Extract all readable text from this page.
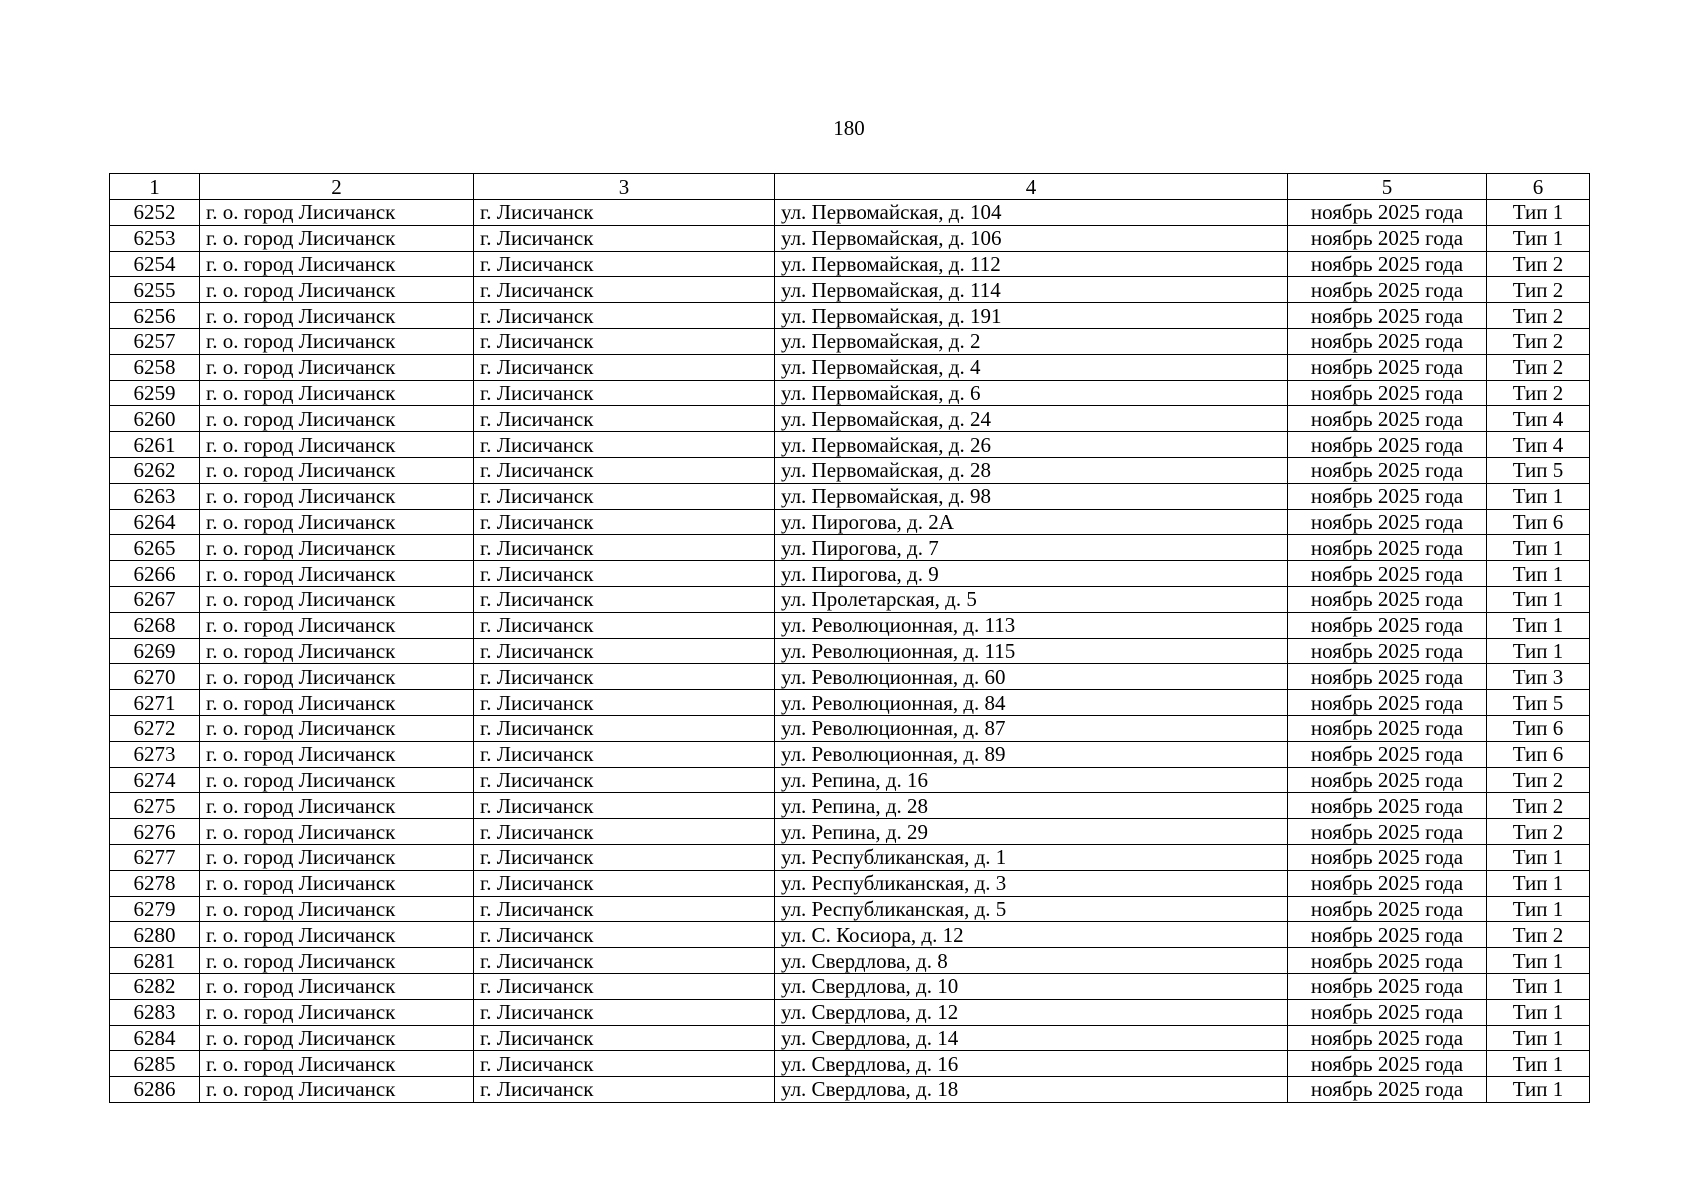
180
1	2	3	4	5	6
6252	г. о. город Лисичанск	г. Лисичанск	ул. Первомайская, д. 104	ноябрь 2025 года	Тип 1
6253	г. о. город Лисичанск	г. Лисичанск	ул. Первомайская, д. 106	ноябрь 2025 года	Тип 1
6254	г. о. город Лисичанск	г. Лисичанск	ул. Первомайская, д. 112	ноябрь 2025 года	Тип 2
6255	г. о. город Лисичанск	г. Лисичанск	ул. Первомайская, д. 114	ноябрь 2025 года	Тип 2
6256	г. о. город Лисичанск	г. Лисичанск	ул. Первомайская, д. 191	ноябрь 2025 года	Тип 2
6257	г. о. город Лисичанск	г. Лисичанск	ул. Первомайская, д. 2	ноябрь 2025 года	Тип 2
6258	г. о. город Лисичанск	г. Лисичанск	ул. Первомайская, д. 4	ноябрь 2025 года	Тип 2
6259	г. о. город Лисичанск	г. Лисичанск	ул. Первомайская, д. 6	ноябрь 2025 года	Тип 2
6260	г. о. город Лисичанск	г. Лисичанск	ул. Первомайская, д. 24	ноябрь 2025 года	Тип 4
6261	г. о. город Лисичанск	г. Лисичанск	ул. Первомайская, д. 26	ноябрь 2025 года	Тип 4
6262	г. о. город Лисичанск	г. Лисичанск	ул. Первомайская, д. 28	ноябрь 2025 года	Тип 5
6263	г. о. город Лисичанск	г. Лисичанск	ул. Первомайская, д. 98	ноябрь 2025 года	Тип 1
6264	г. о. город Лисичанск	г. Лисичанск	ул. Пирогова, д. 2А	ноябрь 2025 года	Тип 6
6265	г. о. город Лисичанск	г. Лисичанск	ул. Пирогова, д. 7	ноябрь 2025 года	Тип 1
6266	г. о. город Лисичанск	г. Лисичанск	ул. Пирогова, д. 9	ноябрь 2025 года	Тип 1
6267	г. о. город Лисичанск	г. Лисичанск	ул. Пролетарская, д. 5	ноябрь 2025 года	Тип 1
6268	г. о. город Лисичанск	г. Лисичанск	ул. Революционная, д. 113	ноябрь 2025 года	Тип 1
6269	г. о. город Лисичанск	г. Лисичанск	ул. Революционная, д. 115	ноябрь 2025 года	Тип 1
6270	г. о. город Лисичанск	г. Лисичанск	ул. Революционная, д. 60	ноябрь 2025 года	Тип 3
6271	г. о. город Лисичанск	г. Лисичанск	ул. Революционная, д. 84	ноябрь 2025 года	Тип 5
6272	г. о. город Лисичанск	г. Лисичанск	ул. Революционная, д. 87	ноябрь 2025 года	Тип 6
6273	г. о. город Лисичанск	г. Лисичанск	ул. Революционная, д. 89	ноябрь 2025 года	Тип 6
6274	г. о. город Лисичанск	г. Лисичанск	ул. Репина, д. 16	ноябрь 2025 года	Тип 2
6275	г. о. город Лисичанск	г. Лисичанск	ул. Репина, д. 28	ноябрь 2025 года	Тип 2
6276	г. о. город Лисичанск	г. Лисичанск	ул. Репина, д. 29	ноябрь 2025 года	Тип 2
6277	г. о. город Лисичанск	г. Лисичанск	ул. Республиканская, д. 1	ноябрь 2025 года	Тип 1
6278	г. о. город Лисичанск	г. Лисичанск	ул. Республиканская, д. 3	ноябрь 2025 года	Тип 1
6279	г. о. город Лисичанск	г. Лисичанск	ул. Республиканская, д. 5	ноябрь 2025 года	Тип 1
6280	г. о. город Лисичанск	г. Лисичанск	ул. С. Косиора, д. 12	ноябрь 2025 года	Тип 2
6281	г. о. город Лисичанск	г. Лисичанск	ул. Свердлова, д. 8	ноябрь 2025 года	Тип 1
6282	г. о. город Лисичанск	г. Лисичанск	ул. Свердлова, д. 10	ноябрь 2025 года	Тип 1
6283	г. о. город Лисичанск	г. Лисичанск	ул. Свердлова, д. 12	ноябрь 2025 года	Тип 1
6284	г. о. город Лисичанск	г. Лисичанск	ул. Свердлова, д. 14	ноябрь 2025 года	Тип 1
6285	г. о. город Лисичанск	г. Лисичанск	ул. Свердлова, д. 16	ноябрь 2025 года	Тип 1
6286	г. о. город Лисичанск	г. Лисичанск	ул. Свердлова, д. 18	ноябрь 2025 года	Тип 1
